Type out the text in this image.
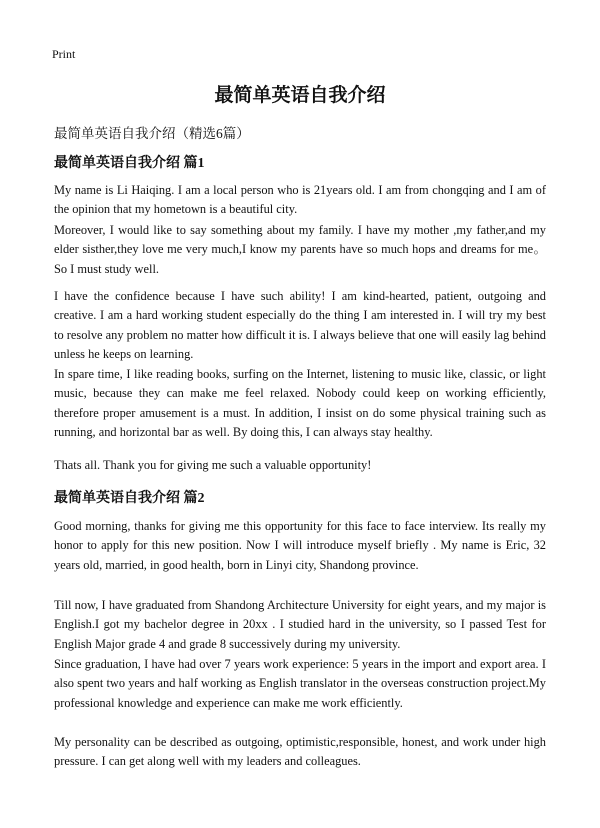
Print
最简单英语自我介绍
最简单英语自我介绍（精选6篇）
最简单英语自我介绍 篇1
My name is Li Haiqing. I am a local person who is 21years old. I am from chongqing and I am of the opinion that my hometown is a beautiful city.
Moreover, I would like to say something about my family. I have my mother ,my father,and my elder sisther,they love me very much,I know my parents have so much hops and dreams for me。So I must study well.
I have the confidence because I have such ability! I am kind-hearted, patient, outgoing and creative. I am a hard working student especially do the thing I am interested in. I will try my best to resolve any problem no matter how difficult it is. I always believe that one will easily lag behind unless he keeps on learning.
In spare time, I like reading books, surfing on the Internet, listening to music like, classic, or light music, because they can make me feel relaxed. Nobody could keep on working efficiently, therefore proper amusement is a must. In addition, I insist on do some physical training such as running, and horizontal bar as well. By doing this, I can always stay healthy.
Thats all. Thank you for giving me such a valuable opportunity!
最简单英语自我介绍 篇2
Good morning, thanks for giving me this opportunity for this face to face interview. Its really my honor to apply for this new position. Now I will introduce myself briefly . My name is Eric, 32 years old, married, in good health, born in Linyi city, Shandong province.
Till now, I have graduated from Shandong Architecture University for eight years, and my major is English.I got my bachelor degree in 20xx . I studied hard in the university, so I passed Test for English Major grade 4 and grade 8 successively during my university.
Since graduation, I have had over 7 years work experience: 5 years in the import and export area. I also spent two years and half working as English translator in the overseas construction project.My professional knowledge and experience can make me work efficiently.
My personality can be described as outgoing, optimistic,responsible, honest, and work under high pressure. I can get along well with my leaders and colleagues.
